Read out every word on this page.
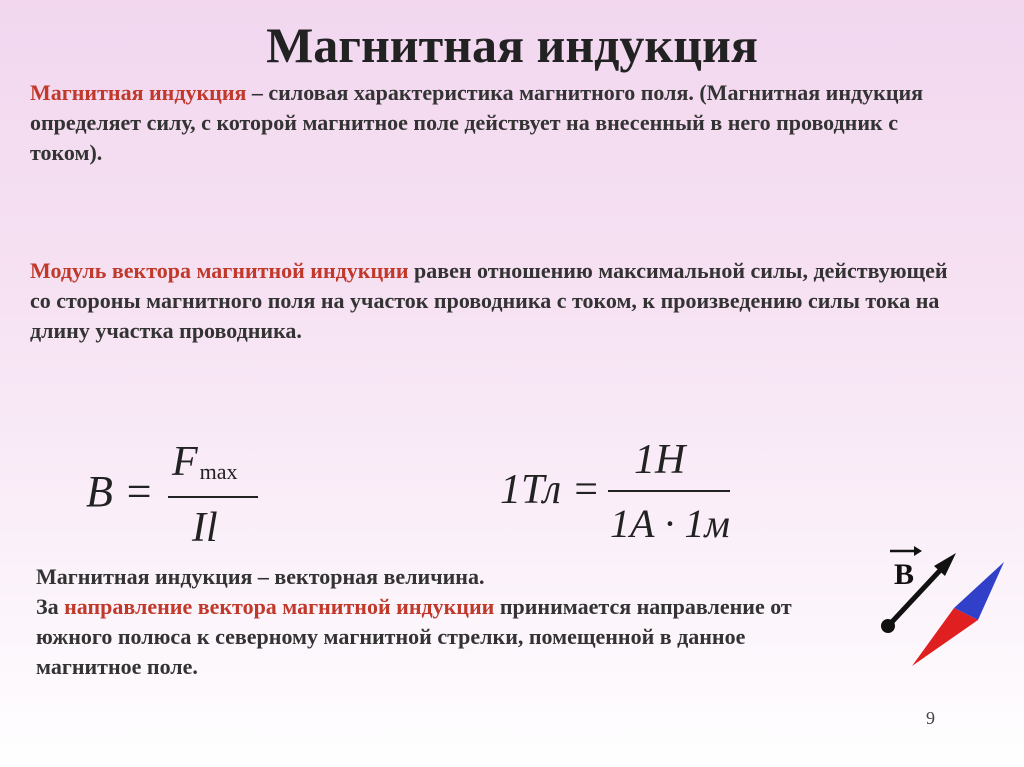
Магнитная индукция
Магнитная индукция – силовая характеристика магнитного поля. (Магнитная индукция определяет силу, с которой магнитное поле действует на внесенный в него проводник с током).
Модуль вектора магнитной индукции равен отношению максимальной силы, действующей со стороны магнитного поля на участок проводника с током, к произведению силы тока на длину участка проводника.
B =
Fmax
Il
1Тл =
1Н
1А · 1м
Магнитная индукция – векторная величина.
За направление вектора магнитной индукции принимается направление от южного полюса к северному магнитной стрелки, помещенной в данное магнитное поле.
B
9
